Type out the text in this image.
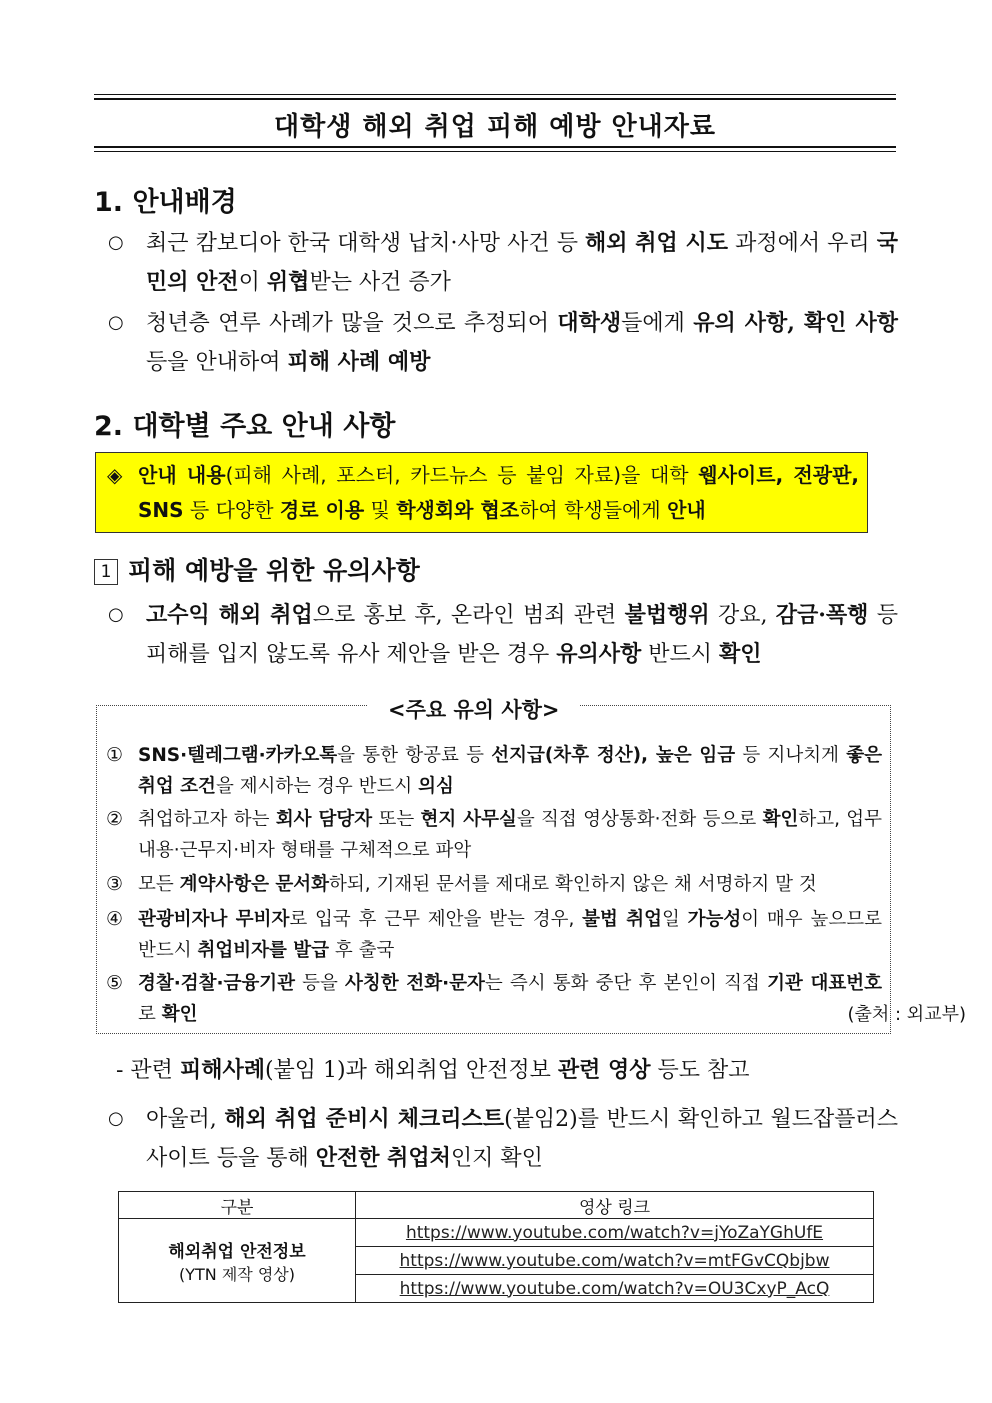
대학생 해외 취업 피해 예방 안내자료
1. 안내배경
○	최근 캄보디아 한국 대학생 납치·사망 사건 등 해외 취업 시도 과정에서 우리 국민의 안전이 위협받는 사건 증가
○	청년층 연루 사례가 많을 것으로 추정되어 대학생들에게 유의 사항, 확인 사항 등을 안내하여 피해 사례 예방
2. 대학별 주요 안내 사항
◈ 안내 내용(피해 사례, 포스터, 카드뉴스 등 붙임 자료)을 대학 웹사이트, 전광판, SNS 등 다양한 경로 이용 및 학생회와 협조하여 학생들에게 안내
1 피해 예방을 위한 유의사항
○	고수익 해외 취업으로 홍보 후, 온라인 범죄 관련 불법행위 강요, 감금·폭행 등 피해를 입지 않도록 유사 제안을 받은 경우 유의사항 반드시 확인
<주요 유의 사항>
① SNS·텔레그램·카카오톡을 통한 항공료 등 선지급(차후 정산), 높은 임금 등 지나치게 좋은 취업 조건을 제시하는 경우 반드시 의심
② 취업하고자 하는 회사 담당자 또는 현지 사무실을 직접 영상통화·전화 등으로 확인하고, 업무 내용·근무지·비자 형태를 구체적으로 파악
③ 모든 계약사항은 문서화하되, 기재된 문서를 제대로 확인하지 않은 채 서명하지 말 것
④ 관광비자나 무비자로 입국 후 근무 제안을 받는 경우, 불법 취업일 가능성이 매우 높으므로 반드시 취업비자를 발급 후 출국
⑤ 경찰·검찰·금융기관 등을 사칭한 전화·문자는 즉시 통화 중단 후 본인이 직접 기관 대표번호로 확인	(출처 : 외교부)
- 관련 피해사례(붙임 1)과 해외취업 안전정보 관련 영상 등도 참고
○	아울러, 해외 취업 준비시 체크리스트(붙임2)를 반드시 확인하고 월드잡플러스 사이트 등을 통해 안전한 취업처인지 확인
구분	영상 링크

해외취업 안전정보
(YTN 제작 영상)	https://www.youtube.com/watch?v=jYoZaYGhUfE
	https://www.youtube.com/watch?v=mtFGvCQbjbw
	https://www.youtube.com/watch?v=OU3CxyP_AcQ
